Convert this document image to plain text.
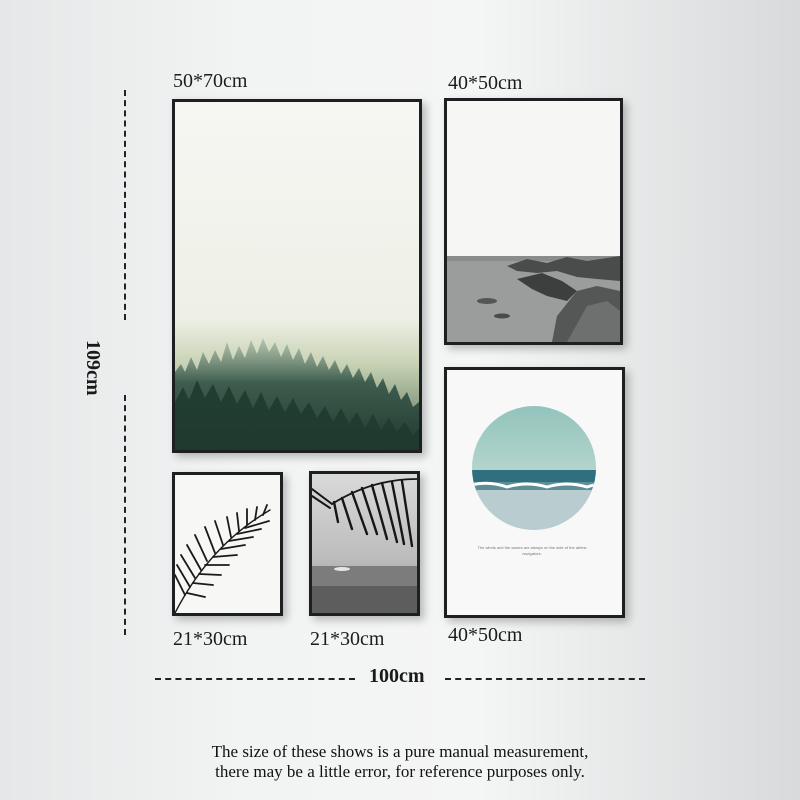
50*70cm	40*50cm
21*30cm	21*30cm	40*50cm
The winds and the waves are always on the side of the ablest navigators.
109cm
100cm
The size of these shows is a pure manual measurement,
there may be a little error, for reference purposes only.
